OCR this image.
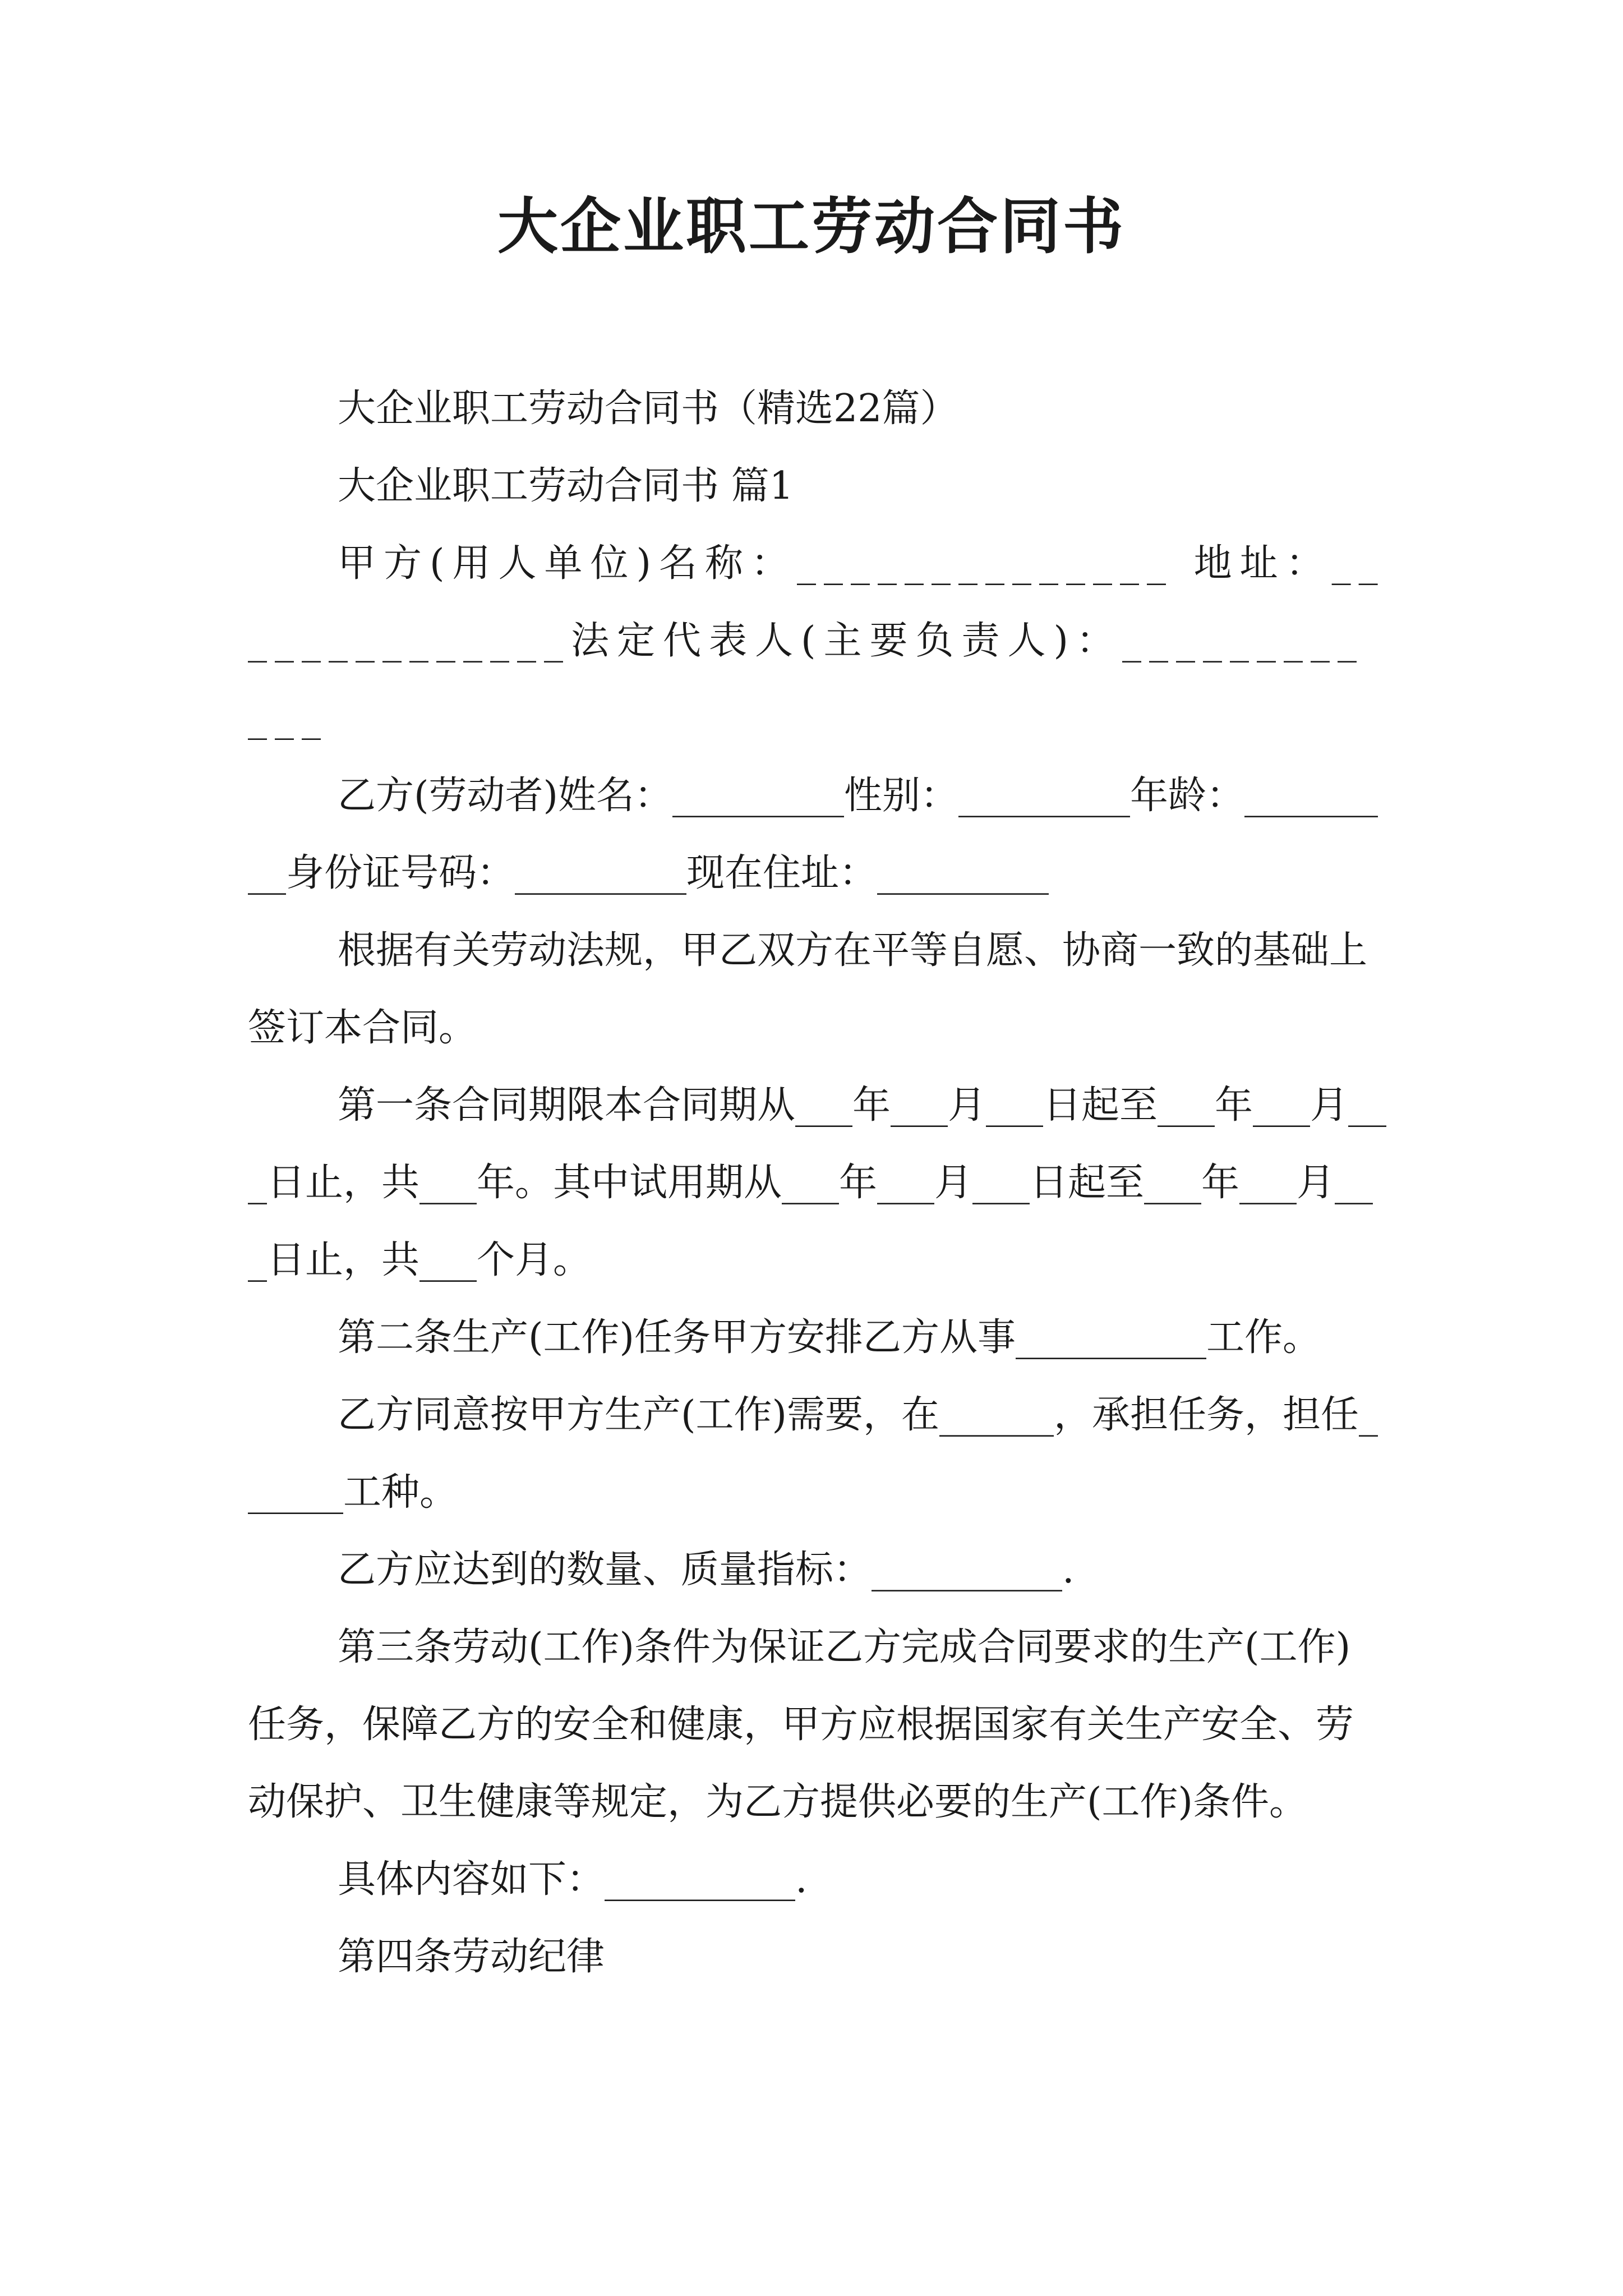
大企业职工劳动合同书

大企业职工劳动合同书（精选22篇）

大企业职工劳动合同书 篇1

甲方(用人单位)名称：______________ 地址：______________法定代表人(主要负责人)：____________

乙方(劳动者)姓名：_________性别：_________年龄：_________身份证号码：_________现在住址：_________

根据有关劳动法规，甲乙双方在平等自愿、协商一致的基础上签订本合同。

第一条合同期限本合同期从___年___月___日起至___年___月___日止，共___年。其中试用期从___年___月___日起至___年___月___日止，共___个月。

第二条生产(工作)任务甲方安排乙方从事__________工作。

乙方同意按甲方生产(工作)需要，在______，承担任务，担任______工种。

乙方应达到的数量、质量指标：__________.

第三条劳动(工作)条件为保证乙方完成合同要求的生产(工作)任务，保障乙方的安全和健康，甲方应根据国家有关生产安全、劳动保护、卫生健康等规定，为乙方提供必要的生产(工作)条件。

具体内容如下：__________.

第四条劳动纪律
